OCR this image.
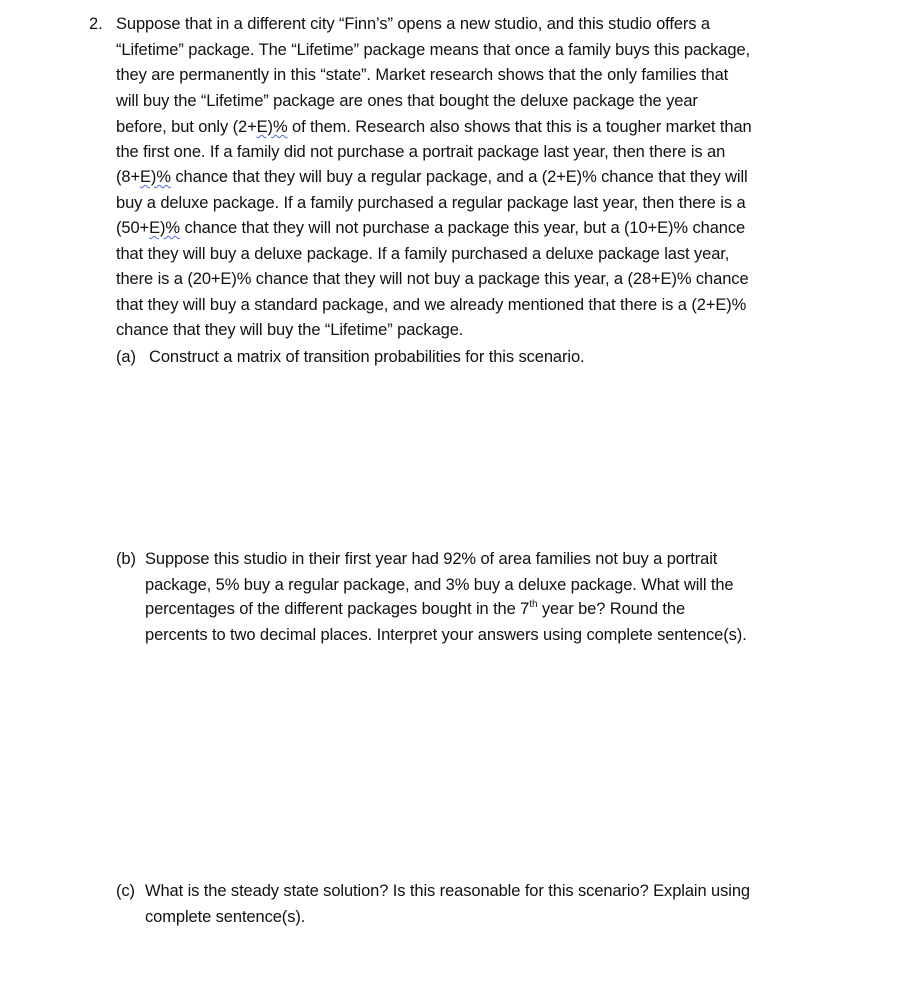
2. Suppose that in a different city “Finn’s” opens a new studio, and this studio offers a
“Lifetime” package. The “Lifetime” package means that once a family buys this package,
they are permanently in this “state”. Market research shows that the only families that
will buy the “Lifetime” package are ones that bought the deluxe package the year
before, but only (2+E)% of them. Research also shows that this is a tougher market than
the first one. If a family did not purchase a portrait package last year, then there is an
(8+E)% chance that they will buy a regular package, and a (2+E)% chance that they will
buy a deluxe package. If a family purchased a regular package last year, then there is a
(50+E)% chance that they will not purchase a package this year, but a (10+E)% chance
that they will buy a deluxe package. If a family purchased a deluxe package last year,
there is a (20+E)% chance that they will not buy a package this year, a (28+E)% chance
that they will buy a standard package, and we already mentioned that there is a (2+E)%
chance that they will buy the “Lifetime” package.
(a) Construct a matrix of transition probabilities for this scenario.
(b) Suppose this studio in their first year had 92% of area families not buy a portrait
package, 5% buy a regular package, and 3% buy a deluxe package. What will the
percentages of the different packages bought in the 7th year be? Round the
percents to two decimal places. Interpret your answers using complete sentence(s).
(c) What is the steady state solution? Is this reasonable for this scenario? Explain using
complete sentence(s).
